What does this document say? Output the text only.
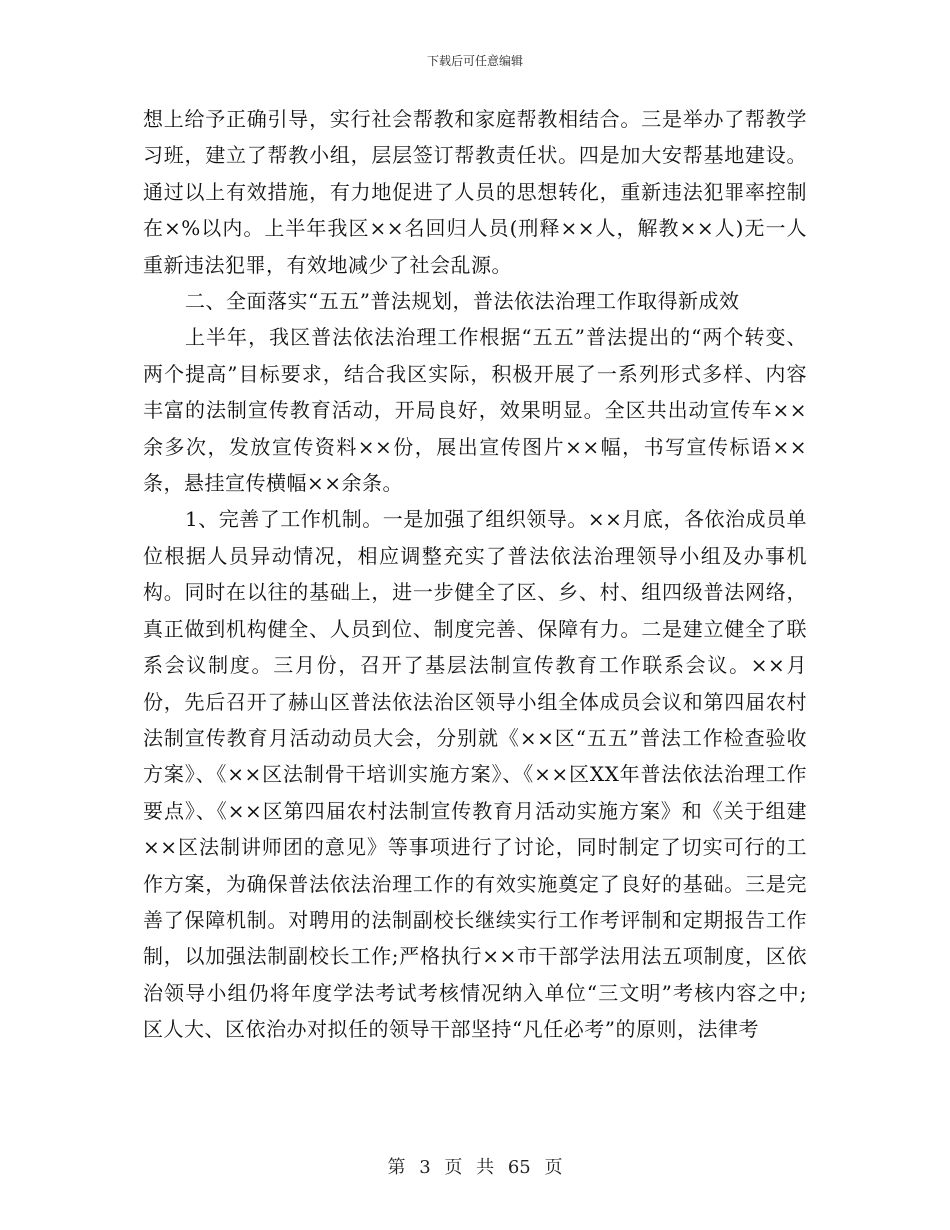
下载后可任意编辑

想上给予正确引导，实行社会帮教和家庭帮教相结合。三是举办了帮教学习班，建立了帮教小组，层层签订帮教责任状。四是加大安帮基地建设。通过以上有效措施，有力地促进了人员的思想转化，重新违法犯罪率控制在×%以内。上半年我区××名回归人员(刑释××人，解教××人)无一人重新违法犯罪，有效地减少了社会乱源。

二、全面落实“五五”普法规划，普法依法治理工作取得新成效

上半年，我区普法依法治理工作根据“五五”普法提出的“两个转变、两个提高”目标要求，结合我区实际，积极开展了一系列形式多样、内容丰富的法制宣传教育活动，开局良好，效果明显。全区共出动宣传车××余多次，发放宣传资料××份，展出宣传图片××幅，书写宣传标语××条，悬挂宣传横幅××余条。

1、完善了工作机制。一是加强了组织领导。××月底，各依治成员单位根据人员异动情况，相应调整充实了普法依法治理领导小组及办事机构。同时在以往的基础上，进一步健全了区、乡、村、组四级普法网络，真正做到机构健全、人员到位、制度完善、保障有力。二是建立健全了联系会议制度。三月份，召开了基层法制宣传教育工作联系会议。××月份，先后召开了赫山区普法依法治区领导小组全体成员会议和第四届农村法制宣传教育月活动动员大会，分别就《××区“五五”普法工作检查验收方案》、《××区法制骨干培训实施方案》、《××区XX年普法依法治理工作要点》、《××区第四届农村法制宣传教育月活动实施方案》和《关于组建××区法制讲师团的意见》等事项进行了讨论，同时制定了切实可行的工作方案，为确保普法依法治理工作的有效实施奠定了良好的基础。三是完善了保障机制。对聘用的法制副校长继续实行工作考评制和定期报告工作制，以加强法制副校长工作;严格执行××市干部学法用法五项制度，区依治领导小组仍将年度学法考试考核情况纳入单位“三文明”考核内容之中;区人大、区依治办对拟任的领导干部坚持“凡任必考”的原则，法律考

第 3 页 共 65 页
